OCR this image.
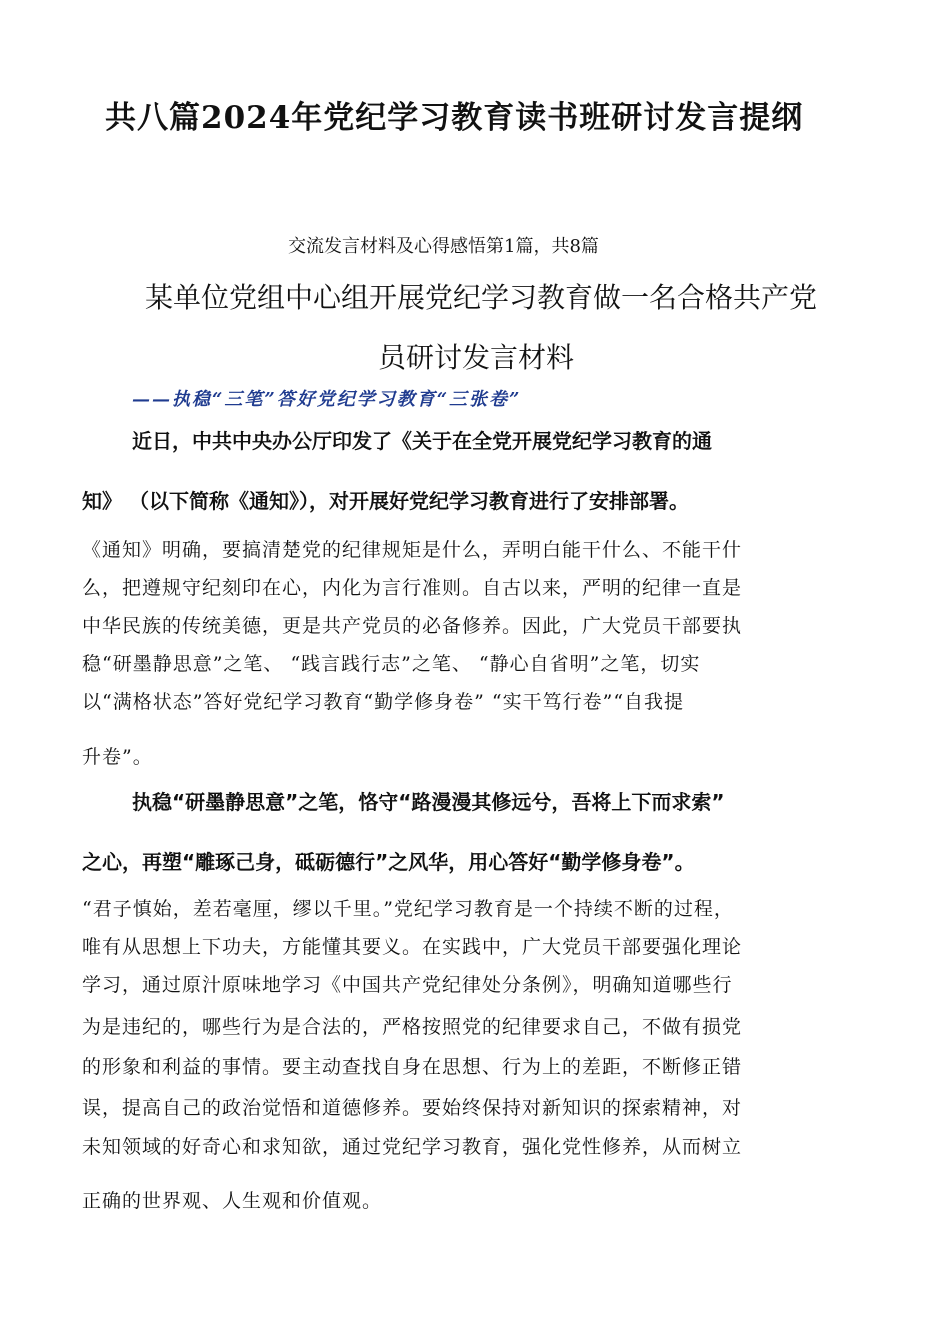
共八篇2024年党纪学习教育读书班研讨发言提纲
交流发言材料及心得感悟第1篇，共8篇
某单位党组中心组开展党纪学习教育做一名合格共产党
员研讨发言材料
——执稳“三笔”答好党纪学习教育“三张卷”
近日，中共中央办公厅印发了《关于在全党开展党纪学习教育的通
知》 （以下简称《通知》），对开展好党纪学习教育进行了安排部署。
《通知》明确，要搞清楚党的纪律规矩是什么，弄明白能干什么、不能干什
么，把遵规守纪刻印在心，内化为言行准则。自古以来，严明的纪律一直是
中华民族的传统美德，更是共产党员的必备修养。因此，广大党员干部要执
稳“研墨静思意”之笔、 “践言践行志”之笔、 “静心自省明”之笔，切实
以“满格状态”答好党纪学习教育“勤学修身卷” “实干笃行卷”“自我提
升卷”。
执稳“研墨静思意”之笔，恪守“路漫漫其修远兮，吾将上下而求索”
之心，再塑“雕琢己身，砥砺德行”之风华，用心答好“勤学修身卷”。
“君子慎始，差若毫厘，缪以千里。”党纪学习教育是一个持续不断的过程，
唯有从思想上下功夫，方能懂其要义。在实践中，广大党员干部要强化理论
学习，通过原汁原味地学习《中国共产党纪律处分条例》，明确知道哪些行
为是违纪的，哪些行为是合法的，严格按照党的纪律要求自己，不做有损党
的形象和利益的事情。要主动查找自身在思想、行为上的差距，不断修正错
误，提高自己的政治觉悟和道德修养。要始终保持对新知识的探索精神，对
未知领域的好奇心和求知欲，通过党纪学习教育，强化党性修养，从而树立
正确的世界观、人生观和价值观。
